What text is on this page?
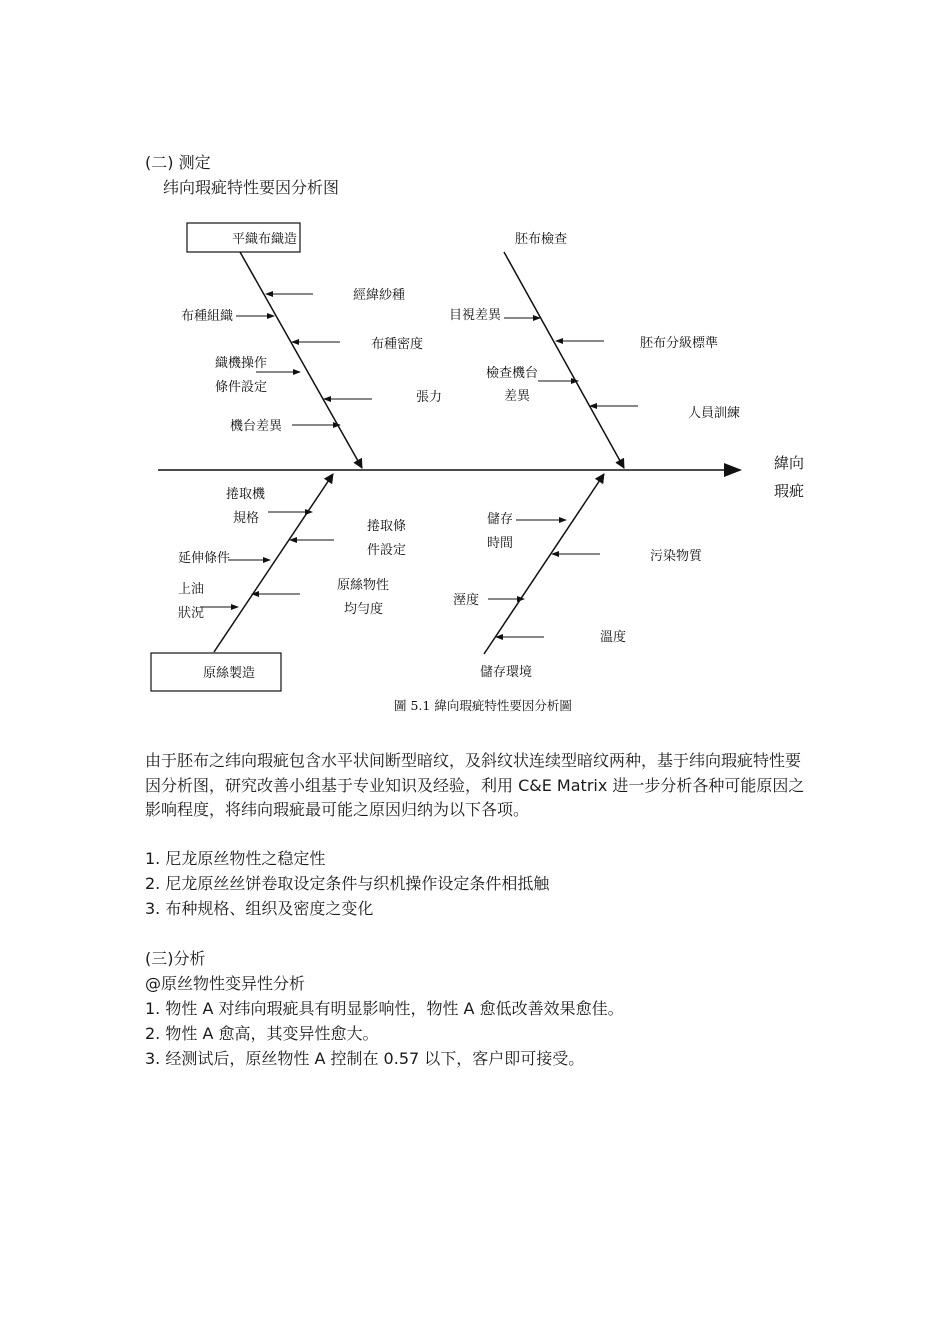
(二) 测定
纬向瑕疵特性要因分析图
緯向
瑕疵
平織布織造	胚布檢查
原絲製造	儲存環境
經緯紗種
布種組織
布種密度
織機操作
條件設定
張力
機台差異
目視差異
胚布分級標準
檢查機台
差異
人員訓練
捲取機
規格
捲取條
件設定
延伸條件
上油
狀況
原絲物性
均勻度
儲存
時間
污染物質
溼度
溫度
圖 5.1 緯向瑕疵特性要因分析圖
由于胚布之纬向瑕疵包含水平状间断型暗纹，及斜纹状连续型暗纹两种，基于纬向瑕疵特性要因分析图，研究改善小组基于专业知识及经验，利用 C&E Matrix 进一步分析各种可能原因之影响程度，将纬向瑕疵最可能之原因归纳为以下各项。
1. 尼龙原丝物性之稳定性
2. 尼龙原丝丝饼卷取设定条件与织机操作设定条件相抵触
3. 布种规格、组织及密度之变化
(三)分析
@原丝物性变异性分析
1. 物性 A 对纬向瑕疵具有明显影响性，物性 A 愈低改善效果愈佳。
2. 物性 A 愈高，其变异性愈大。
3. 经测试后，原丝物性 A 控制在 0.57 以下，客户即可接受。
